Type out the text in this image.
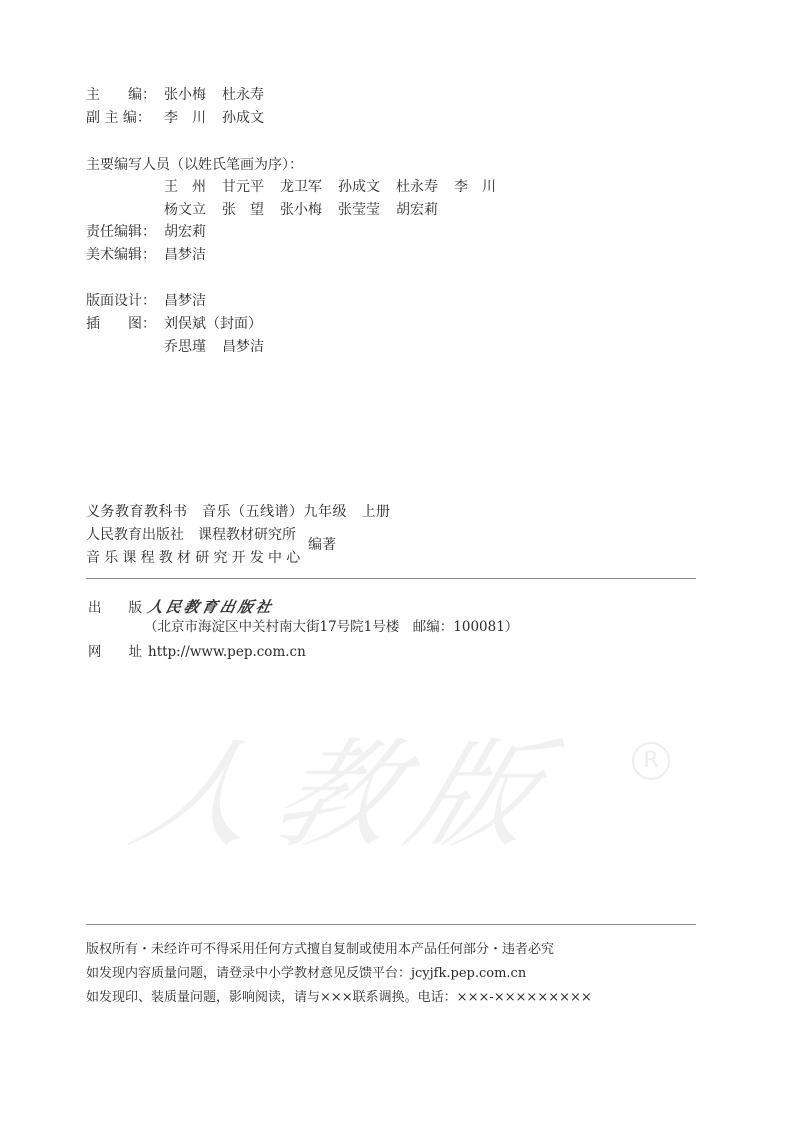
主　　编： 张小梅 杜永寿
副 主 编： 李　川 孙成文
主要编写人员（以姓氏笔画为序）：
王　州 甘元平 龙卫军 孙成文 杜永寿 李　川
杨文立 张　望 张小梅 张莹莹 胡宏莉
责任编辑： 胡宏莉
美术编辑： 昌梦洁
版面设计： 昌梦洁
插　　图： 刘俣斌（封面）
乔思瑾 昌梦洁
义务教育教科书　音乐（五线谱）九年级　上册
人民教育出版社　课程教材研究所
音乐课程教材研究开发中心
编著
出　　版 人民教育出版社
（北京市海淀区中关村南大街17号院1号楼　邮编：100081）
网　　址 http://www.pep.com.cn
人教版	R
版权所有・未经许可不得采用任何方式擅自复制或使用本产品任何部分・违者必究
如发现内容质量问题，请登录中小学教材意见反馈平台：jcyjfk.pep.com.cn
如发现印、装质量问题，影响阅读，请与×××联系调换。电话：×××-×××××××××
